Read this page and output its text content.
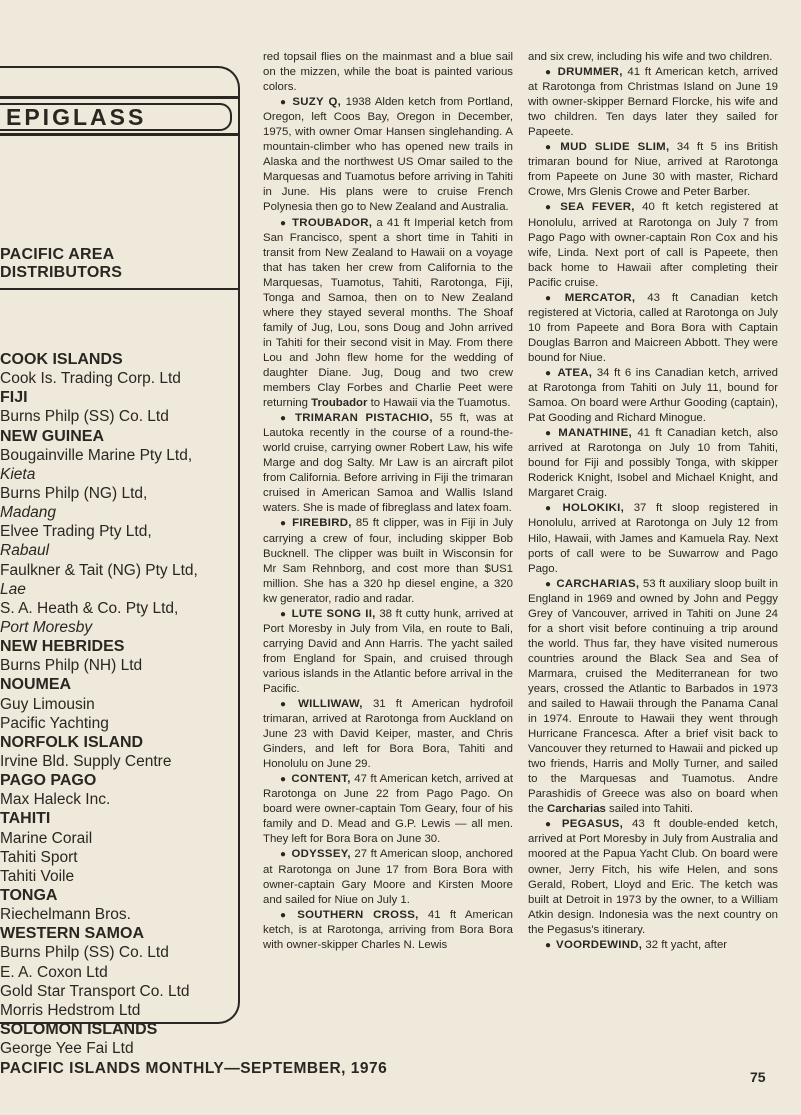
EPIGLASS
PACIFIC AREA
DISTRIBUTORS
COOK ISLANDS
Cook Is. Trading Corp. Ltd
FIJI
Burns Philp (SS) Co. Ltd
NEW GUINEA
Bougainville Marine Pty Ltd,
Kieta
Burns Philp (NG) Ltd,
Madang
Elvee Trading Pty Ltd,
Rabaul
Faulkner & Tait (NG) Pty Ltd,
Lae
S. A. Heath & Co. Pty Ltd,
Port Moresby
NEW HEBRIDES
Burns Philp (NH) Ltd
NOUMEA
Guy Limousin
Pacific Yachting
NORFOLK ISLAND
Irvine Bld. Supply Centre
PAGO PAGO
Max Haleck Inc.
TAHITI
Marine Corail
Tahiti Sport
Tahiti Voile
TONGA
Riechelmann Bros.
WESTERN SAMOA
Burns Philp (SS) Co. Ltd
E. A. Coxon Ltd
Gold Star Transport Co. Ltd
Morris Hedstrom Ltd
SOLOMON ISLANDS
George Yee Fai Ltd

red topsail flies on the mainmast and a blue sail on the mizzen, while the boat is painted various colors.

● SUZY Q, 1938 Alden ketch from Portland, Oregon, left Coos Bay, Oregon in December, 1975, with owner Omar Hansen singlehanding. A mountain-climber who has opened new trails in Alaska and the northwest US Omar sailed to the Marquesas and Tuamotus before arriving in Tahiti in June. His plans were to cruise French Polynesia then go to New Zealand and Australia.

● TROUBADOR, a 41 ft Imperial ketch from San Francisco, spent a short time in Tahiti in transit from New Zealand to Hawaii on a voyage that has taken her crew from California to the Marquesas, Tuamotus, Tahiti, Rarotonga, Fiji, Tonga and Samoa, then on to New Zealand where they stayed several months. The Shoaf family of Jug, Lou, sons Doug and John arrived in Tahiti for their second visit in May. From there Lou and John flew home for the wedding of daughter Diane. Jug, Doug and two crew members Clay Forbes and Charlie Peet were returning Troubador to Hawaii via the Tuamotus.

● TRIMARAN PISTACHIO, 55 ft, was at Lautoka recently in the course of a round-the-world cruise, carrying owner Robert Law, his wife Marge and dog Salty. Mr Law is an aircraft pilot from California. Before arriving in Fiji the trimaran cruised in American Samoa and Wallis Island waters. She is made of fibreglass and latex foam.

● FIREBIRD, 85 ft clipper, was in Fiji in July carrying a crew of four, including skipper Bob Bucknell. The clipper was built in Wisconsin for Mr Sam Rehnborg, and cost more than $US1 million. She has a 320 hp diesel engine, a 320 kw generator, radio and radar.

● LUTE SONG II, 38 ft cutty hunk, arrived at Port Moresby in July from Vila, en route to Bali, carrying David and Ann Harris. The yacht sailed from England for Spain, and cruised through various islands in the Atlantic before arrival in the Pacific.

● WILLIWAW, 31 ft American hydrofoil trimaran, arrived at Rarotonga from Auckland on June 23 with David Keiper, master, and Chris Ginders, and left for Bora Bora, Tahiti and Honolulu on June 29.

● CONTENT, 47 ft American ketch, arrived at Rarotonga on June 22 from Pago Pago. On board were owner-captain Tom Geary, four of his family and D. Mead and G.P. Lewis — all men. They left for Bora Bora on June 30.

● ODYSSEY, 27 ft American sloop, anchored at Rarotonga on June 17 from Bora Bora with owner-captain Gary Moore and Kirsten Moore and sailed for Niue on July 1.

● SOUTHERN CROSS, 41 ft American ketch, is at Rarotonga, arriving from Bora Bora with owner-skipper Charles N. Lewis

and six crew, including his wife and two children.

● DRUMMER, 41 ft American ketch, arrived at Rarotonga from Christmas Island on June 19 with owner-skipper Bernard Florcke, his wife and two children. Ten days later they sailed for Papeete.

● MUD SLIDE SLIM, 34 ft 5 ins British trimaran bound for Niue, arrived at Rarotonga from Papeete on June 30 with master, Richard Crowe, Mrs Glenis Crowe and Peter Barber.

● SEA FEVER, 40 ft ketch registered at Honolulu, arrived at Rarotonga on July 7 from Pago Pago with owner-captain Ron Cox and his wife, Linda. Next port of call is Papeete, then back home to Hawaii after completing their Pacific cruise.

● MERCATOR, 43 ft Canadian ketch registered at Victoria, called at Rarotonga on July 10 from Papeete and Bora Bora with Captain Douglas Barron and Maicreen Abbott. They were bound for Niue.

● ATEA, 34 ft 6 ins Canadian ketch, arrived at Rarotonga from Tahiti on July 11, bound for Samoa. On board were Arthur Gooding (captain), Pat Gooding and Richard Minogue.

● MANATHINE, 41 ft Canadian ketch, also arrived at Rarotonga on July 10 from Tahiti, bound for Fiji and possibly Tonga, with skipper Roderick Knight, Isobel and Michael Knight, and Margaret Craig.

● HOLOKIKI, 37 ft sloop registered in Honolulu, arrived at Rarotonga on July 12 from Hilo, Hawaii, with James and Kamuela Ray. Next ports of call were to be Suwarrow and Pago Pago.

● CARCHARIAS, 53 ft auxiliary sloop built in England in 1969 and owned by John and Peggy Grey of Vancouver, arrived in Tahiti on June 24 for a short visit before continuing a trip around the world. Thus far, they have visited numerous countries around the Black Sea and Sea of Marmara, cruised the Mediterranean for two years, crossed the Atlantic to Barbados in 1973 and sailed to Hawaii through the Panama Canal in 1974. Enroute to Hawaii they went through Hurricane Francesca. After a brief visit back to Vancouver they returned to Hawaii and picked up two friends, Harris and Molly Turner, and sailed to the Marquesas and Tuamotus. Andre Parashidis of Greece was also on board when the Carcharias sailed into Tahiti.

● PEGASUS, 43 ft double-ended ketch, arrived at Port Moresby in July from Australia and moored at the Papua Yacht Club. On board were owner, Jerry Fitch, his wife Helen, and sons Gerald, Robert, Lloyd and Eric. The ketch was built at Detroit in 1973 by the owner, to a William Atkin design. Indonesia was the next country on the Pegasus's itinerary.

● VOORDEWIND, 32 ft yacht, after

PACIFIC ISLANDS MONTHLY—SEPTEMBER, 1976	75
